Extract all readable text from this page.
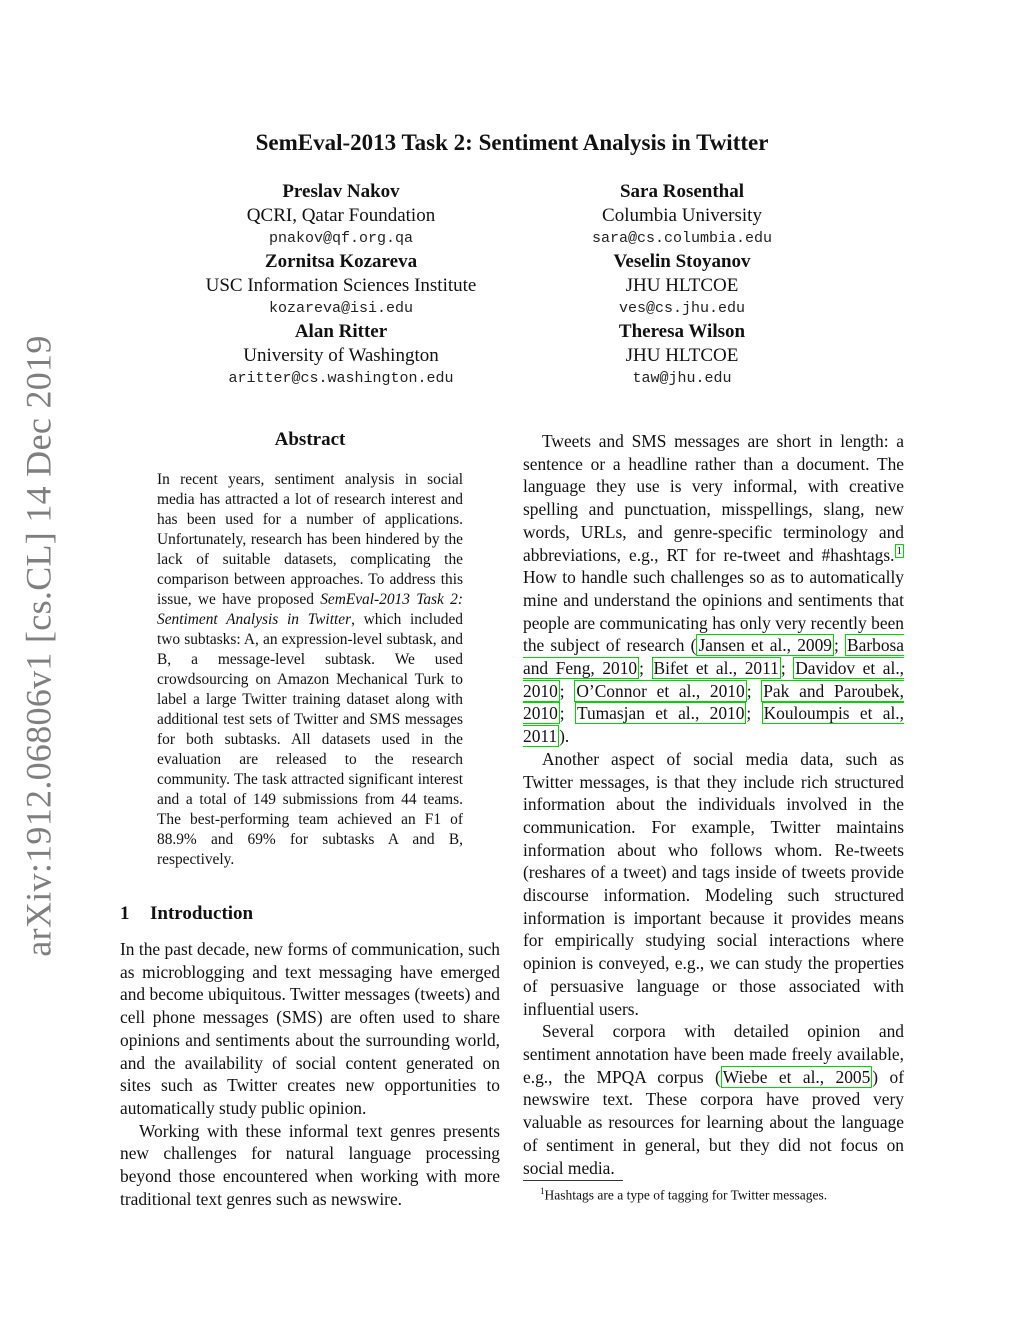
arXiv:1912.06806v1 [cs.CL] 14 Dec 2019
SemEval-2013 Task 2: Sentiment Analysis in Twitter
Preslav Nakov
QCRI, Qatar Foundation
pnakov@qf.org.qa
Zornitsa Kozareva
USC Information Sciences Institute
kozareva@isi.edu
Alan Ritter
University of Washington
aritter@cs.washington.edu
Sara Rosenthal
Columbia University
sara@cs.columbia.edu
Veselin Stoyanov
JHU HLTCOE
ves@cs.jhu.edu
Theresa Wilson
JHU HLTCOE
taw@jhu.edu
Abstract

In recent years, sentiment analysis in social media has attracted a lot of research interest and has been used for a number of applications. Unfortunately, research has been hindered by the lack of suitable datasets, complicating the comparison between approaches. To address this issue, we have proposed SemEval-2013 Task 2: Sentiment Analysis in Twitter, which included two subtasks: A, an expression-level subtask, and B, a message-level subtask. We used crowdsourcing on Amazon Mechanical Turk to label a large Twitter training dataset along with additional test sets of Twitter and SMS messages for both subtasks. All datasets used in the evaluation are released to the research community. The task attracted significant interest and a total of 149 submissions from 44 teams. The best-performing team achieved an F1 of 88.9% and 69% for subtasks A and B, respectively.

1 Introduction

In the past decade, new forms of communication, such as microblogging and text messaging have emerged and become ubiquitous. Twitter messages (tweets) and cell phone messages (SMS) are often used to share opinions and sentiments about the surrounding world, and the availability of social content generated on sites such as Twitter creates new opportunities to automatically study public opinion.

Working with these informal text genres presents new challenges for natural language processing beyond those encountered when working with more traditional text genres such as newswire.

Tweets and SMS messages are short in length: a sentence or a headline rather than a document. The language they use is very informal, with creative spelling and punctuation, misspellings, slang, new words, URLs, and genre-specific terminology and abbreviations, e.g., RT for re-tweet and #hashtags. $^1$ How to handle such challenges so as to automatically mine and understand the opinions and sentiments that people are communicating has only very recently been the subject of research ( Jansen et al., 2009 ; Barbosa and Feng, 2010 ; Bifet et al., 2011 ; Davidov et al., 2010 ; O’Connor et al., 2010 ; Pak and Paroubek, 2010 ; Tumasjan et al., 2010 ; Kouloumpis et al., 2011 ).

Another aspect of social media data, such as Twitter messages, is that they include rich structured information about the individuals involved in the communication. For example, Twitter maintains information about who follows whom. Re-tweets (reshares of a tweet) and tags inside of tweets provide discourse information. Modeling such structured information is important because it provides means for empirically studying social interactions where opinion is conveyed, e.g., we can study the properties of persuasive language or those associated with influential users.

Several corpora with detailed opinion and sentiment annotation have been made freely available, e.g., the MPQA corpus ( Wiebe et al., 2005 ) of newswire text. These corpora have proved very valuable as resources for learning about the language of sentiment in general, but they did not focus on social media.

$^1$Hashtags are a type of tagging for Twitter messages.
